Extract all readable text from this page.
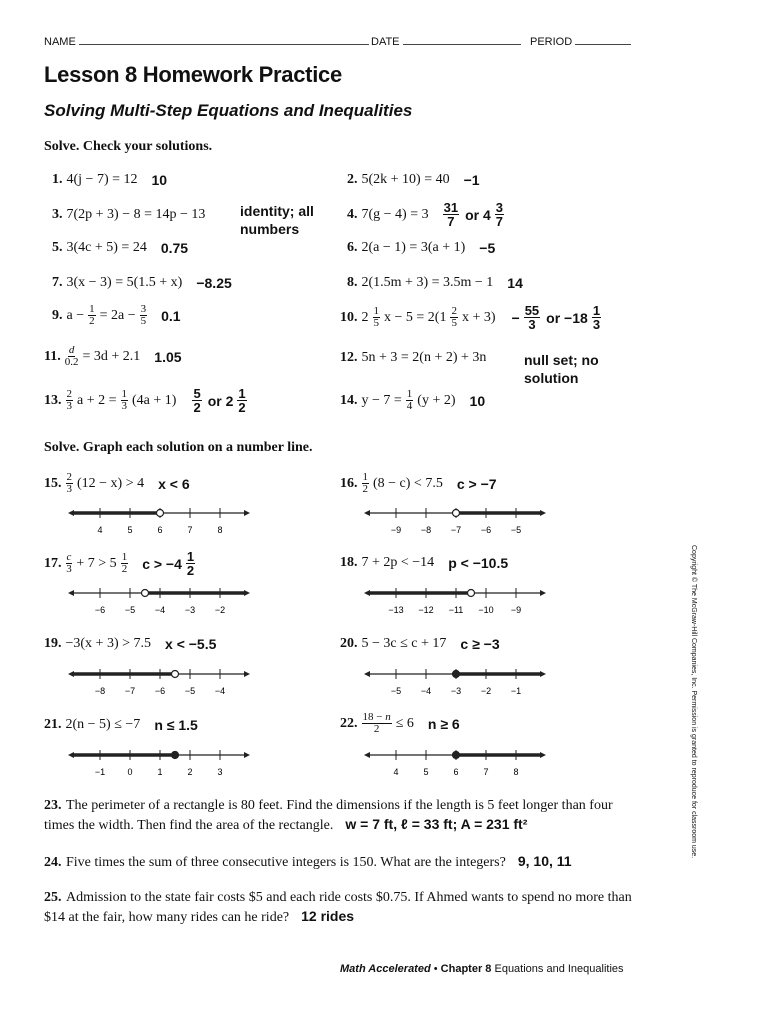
NAME	DATE	PERIOD
Lesson 8 Homework Practice
Solving Multi-Step Equations and Inequalities
Solve. Check your solutions.
1. 4(j − 7) = 12 10
3. 7(2p + 3) − 8 = 14p − 13 identity; all numbers
5. 3(4c + 5) = 24 0.75
7. 3(x − 3) = 5(1.5 + x) −8.25
9. $a - \frac{1}{2} = 2a - \frac{3}{5} 0.1$
11. $\frac{d}{0.2} = 3d + 2.1$ 1.05
13. $\frac{2}{3}$ $a + 2 = \frac{1}{3} (4a + 1)$ 5
2 or 2 1
2
2. 5(2k + 10) = 40 −1
4. 7(g − 4) = 3 31
7 or 4 3
7
6. 2(a − 1) = 3(a + 1) −5
8. 2(1.5m + 3) = 3.5m − 1 14
10. $2 \frac{1}{5}$ $x - 5 = 2(1 \frac{2}{5}$ $x + 3) - \frac{55}{3}$ or −18 1
3
12. 5n + 3 = 2(n + 2) + 3n	null set; no solution
14. $y - 7 = \frac{1}{4} (y + 2)$ 10
Solve. Graph each solution on a number line.
15. $\frac{2}{3} (12 - x) > 4$ x < 6	16. $\frac{1}{2} (8 - c) < 7.5$ c > −7
17. $\frac{c}{3} + 7 > 5 \frac{1}{2}$ c > −4 1
2
18. 7 + 2p < −14 p < −10.5
19. −3(x + 3) > 7.5 x < −5.5	20. 5 − 3c ≤ c + 17 c ≥ −3
21. 2(n − 5) ≤ −7 n ≤ 1.5	22. $\frac{18 - n}{2} \le 6$ n ≥ 6
4	5	6	7	8	−9 −8 −7 −6 −5
−6 −5 −4 −3 −2	−13 −12 −11 −10 −9
−8 −7 −6 −5 −4	−5 −4 −3 −2 −1
−1 0	1	2	3	4	5	6	7	8
23. The perimeter of a rectangle is 80 feet. Find the dimensions if the length is 5 feet longer than four times the width. Then find the area of the rectangle. w = 7 ft, ℓ = 33 ft; A = 231 ft²
24. Five times the sum of three consecutive integers is 150. What are the integers? 9, 10, 11
25. Admission to the state fair costs $5 and each ride costs $0.75. If Ahmed wants to spend no more than $14 at the fair, how many rides can he ride? 12 rides
Math Accelerated • Chapter 8 Equations and Inequalities
Copyright © The McGraw-Hill Companies, Inc. Permission is granted to reproduce for classroom use.
